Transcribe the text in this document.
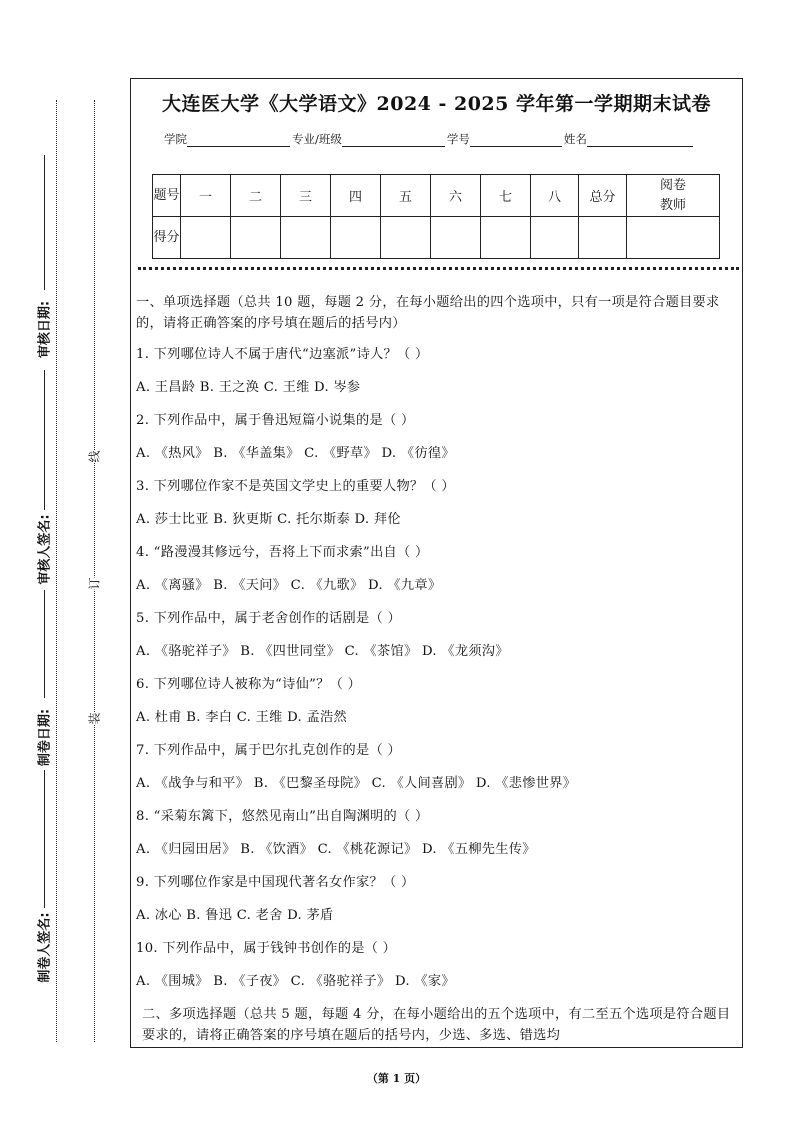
审核日期:
审核人签名:
制卷日期:
制卷人签名:
线
订
装
大连医大学《大学语文》2024 - 2025 学年第一学期期末试卷
学院	专业/班级	学号	姓名
题号	一	二	三	四	五	六	七	八	总分	阅卷教师
得分										

一、单项选择题（总共 10 题，每题 2 分，在每小题给出的四个选项中，只有一项是符合题目要求的，请将正确答案的序号填在题后的括号内）

1. 下列哪位诗人不属于唐代“边塞派”诗人？（ ）

A. 王昌龄 B. 王之涣 C. 王维 D. 岑参

2. 下列作品中，属于鲁迅短篇小说集的是（ ）

A. 《热风》 B. 《华盖集》 C. 《野草》 D. 《彷徨》

3. 下列哪位作家不是英国文学史上的重要人物？（ ）

A. 莎士比亚 B. 狄更斯 C. 托尔斯泰 D. 拜伦

4. “路漫漫其修远兮，吾将上下而求索”出自（ ）

A. 《离骚》 B. 《天问》 C. 《九歌》 D. 《九章》

5. 下列作品中，属于老舍创作的话剧是（ ）

A. 《骆驼祥子》 B. 《四世同堂》 C. 《茶馆》 D. 《龙须沟》

6. 下列哪位诗人被称为“诗仙”？（ ）

A. 杜甫 B. 李白 C. 王维 D. 孟浩然

7. 下列作品中，属于巴尔扎克创作的是（ ）

A. 《战争与和平》 B. 《巴黎圣母院》 C. 《人间喜剧》 D. 《悲惨世界》

8. “采菊东篱下，悠然见南山”出自陶渊明的（ ）

A. 《归园田居》 B. 《饮酒》 C. 《桃花源记》 D. 《五柳先生传》

9. 下列哪位作家是中国现代著名女作家？（ ）

A. 冰心 B. 鲁迅 C. 老舍 D. 茅盾

10. 下列作品中，属于钱钟书创作的是（ ）

A. 《围城》 B. 《子夜》 C. 《骆驼祥子》 D. 《家》

二、多项选择题（总共 5 题，每题 4 分，在每小题给出的五个选项中，有二至五个选项是符合题目要求的，请将正确答案的序号填在题后的括号内，少选、多选、错选均

（第 1 页）
